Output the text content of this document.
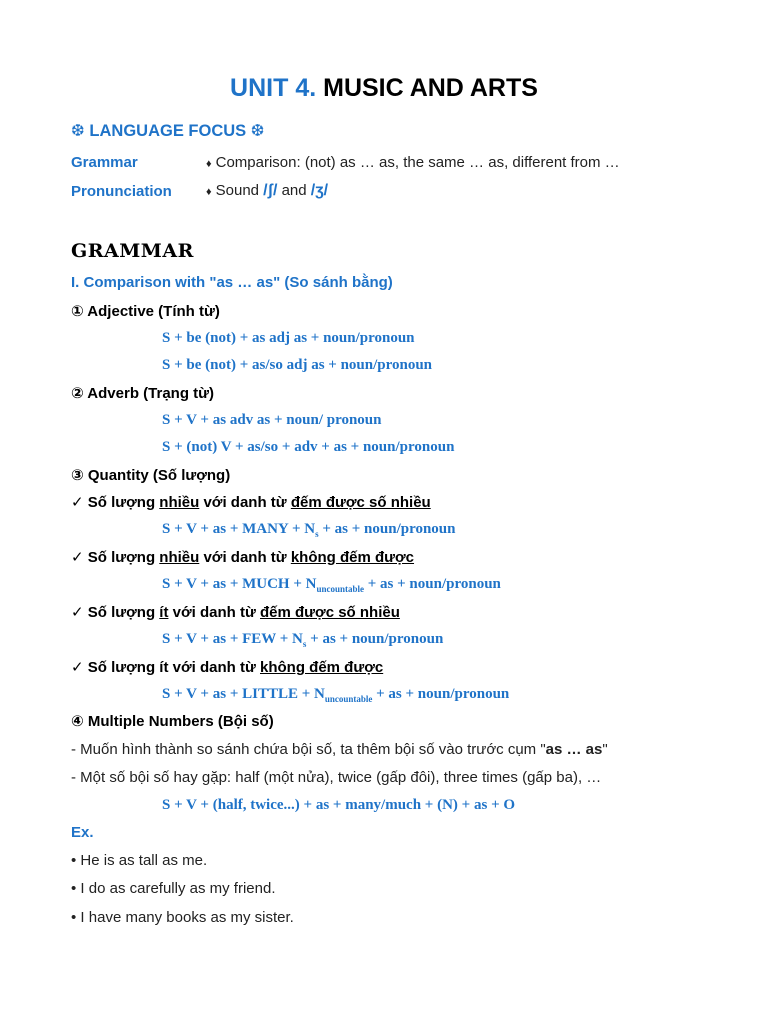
UNIT 4. MUSIC AND ARTS
❆ LANGUAGE FOCUS ❆
Grammar	♦ Comparison: (not) as … as, the same … as, different from …
Pronunciation	♦ Sound /ʃ/ and /ʒ/
GRAMMAR
I. Comparison with "as … as" (So sánh bằng)
① Adjective (Tính từ)
S + be (not) + as adj as + noun/pronoun
S + be (not) + as/so adj as + noun/pronoun
② Adverb (Trạng từ)
S + V + as adv as + noun/ pronoun
S + (not) V + as/so + adv + as + noun/pronoun
③ Quantity (Số lượng)
✓ Số lượng nhiều với danh từ đếm được số nhiều
S + V + as + MANY + $N_s$ + as + noun/pronoun
✓ Số lượng nhiều với danh từ không đếm được
S + V + as + MUCH + $N_{uncountable}$ + as + noun/pronoun
✓ Số lượng ít với danh từ đếm được số nhiều
S + V + as + FEW + $N_s$ + as + noun/pronoun
✓ Số lượng ít với danh từ không đếm được
S + V + as + LITTLE + $N_{uncountable}$ + as + noun/pronoun
④ Multiple Numbers (Bội số)
- Muốn hình thành so sánh chứa bội số, ta thêm bội số vào trước cụm "as … as"
- Một số bội số hay gặp: half (một nửa), twice (gấp đôi), three times (gấp ba), …
S + V + (half, twice...) + as + many/much + (N) + as + O
Ex.
• He is as tall as me.
• I do as carefully as my friend.
• I have many books as my sister.
